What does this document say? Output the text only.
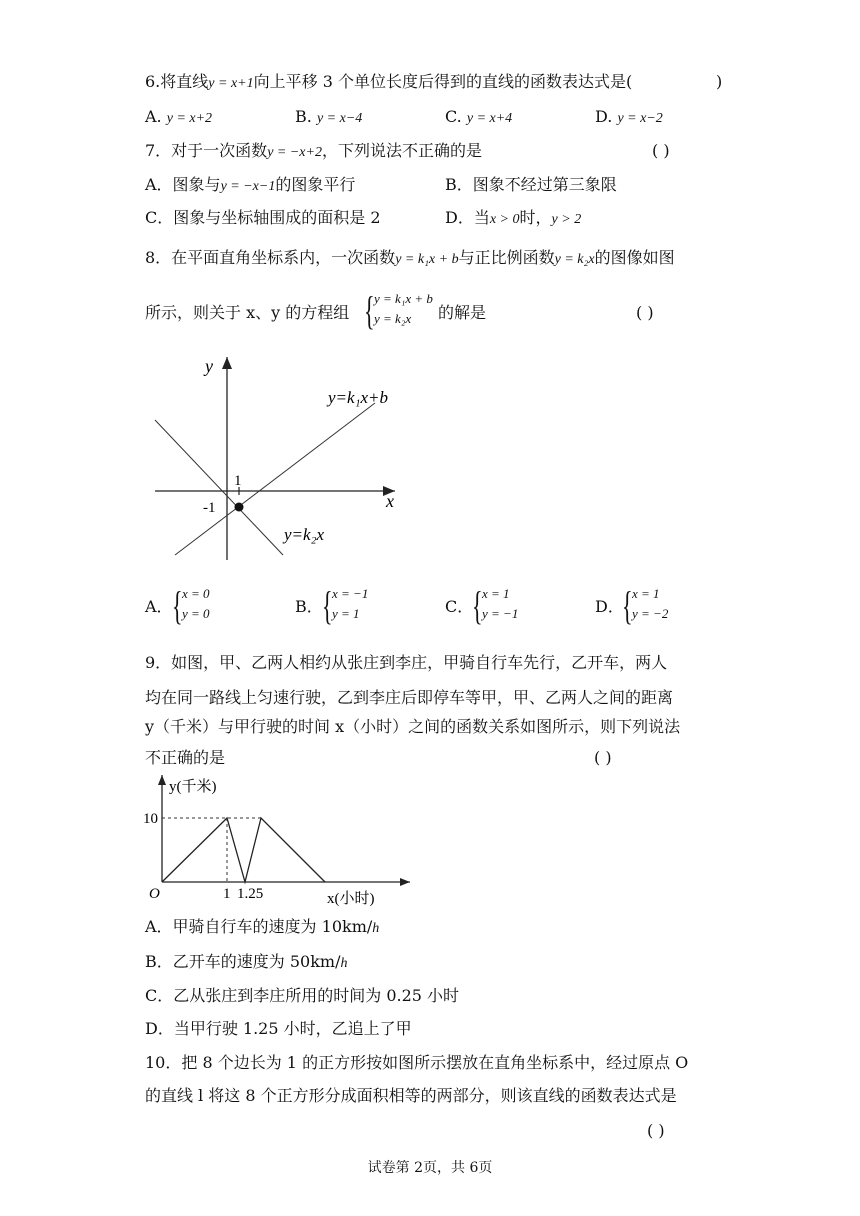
6.将直线y = x+1向上平移 3 个单位长度后得到的直线的函数表达式是(	)
A. y = x+2	B. y = x−4	C. y = x+4	D. y = x−2
7．对于一次函数y = −x+2，下列说法不正确的是	( )
A．图象与y = −x−1的图象平行	B．图象不经过第三象限
C．图象与坐标轴围成的面积是 2	D．当x > 0时，y > 2
8．在平面直角坐标系内，一次函数y = k₁x + b与正比例函数y = k₂x的图像如图
所示，则关于 x、y 的方程组 { y = k₁x + b
y = k₂x 的解是	( )
y
x
1
-1
y=k₁x+b
y=k₂x
A． { x = 0
y = 0	B． { x = −1
y = 1	C．
{ x = 1
y = −1	D．
{ x = 1
y = −2
9．如图，甲、乙两人相约从张庄到李庄，甲骑自行车先行，乙开车，两人
均在同一路线上匀速行驶，乙到李庄后即停车等甲，甲、乙两人之间的距离
y（千米）与甲行驶的时间 x（小时）之间的函数关系如图所示，则下列说法
不正确的是	( )
y(千米)
x(小时)
O
10
1 1.25
A．甲骑自行车的速度为 10km/h
B．乙开车的速度为 50km/h
C．乙从张庄到李庄所用的时间为 0.25 小时
D．当甲行驶 1.25 小时，乙追上了甲
10．把 8 个边长为 1 的正方形按如图所示摆放在直角坐标系中，经过原点 O
的直线 l 将这 8 个正方形分成面积相等的两部分，则该直线的函数表达式是
( )
试卷第 2页，共 6页
